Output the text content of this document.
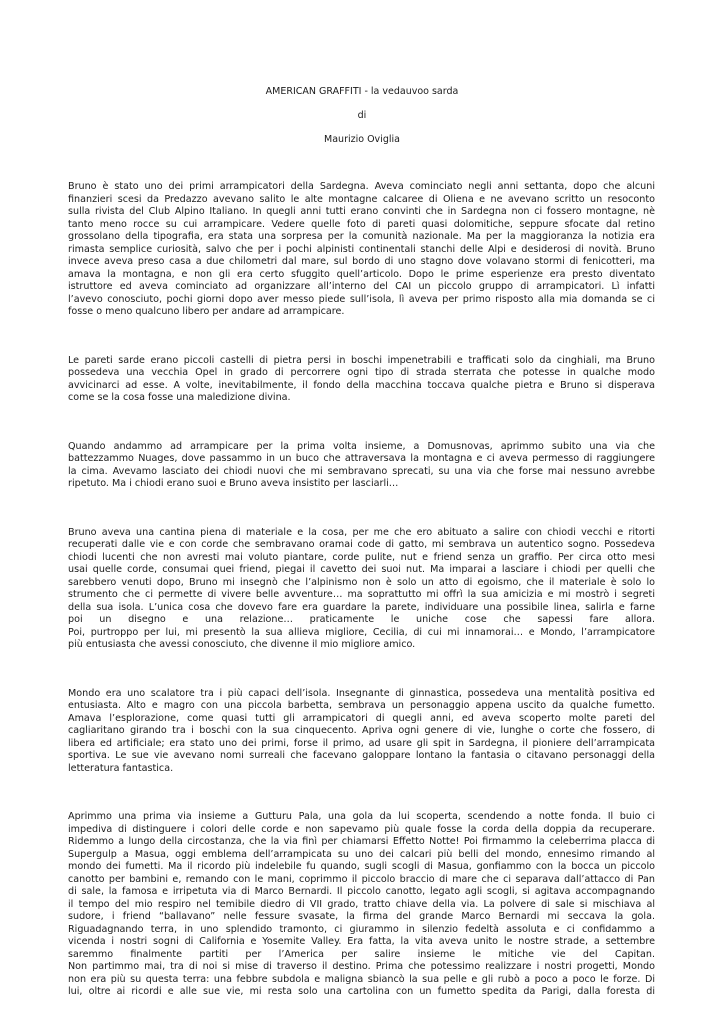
AMERICAN GRAFFITI - la vedauvoo sarda
di
Maurizio Oviglia
Bruno è stato uno dei primi arrampicatori della Sardegna. Aveva cominciato negli anni settanta, dopo che alcuni
finanzieri scesi da Predazzo avevano salito le alte montagne calcaree di Oliena e ne avevano scritto un resoconto
sulla rivista del Club Alpino Italiano. In quegli anni tutti erano convinti che in Sardegna non ci fossero montagne, nè
tanto meno rocce su cui arrampicare. Vedere quelle foto di pareti quasi dolomitiche, seppure sfocate dal retino
grossolano della tipografia, era stata una sorpresa per la comunità nazionale. Ma per la maggioranza la notizia era
rimasta semplice curiosità, salvo che per i pochi alpinisti continentali stanchi delle Alpi e desiderosi di novità. Bruno
invece aveva preso casa a due chilometri dal mare, sul bordo di uno stagno dove volavano stormi di fenicotteri, ma
amava la montagna, e non gli era certo sfuggito quell’articolo. Dopo le prime esperienze era presto diventato
istruttore ed aveva cominciato ad organizzare all’interno del CAI un piccolo gruppo di arrampicatori. Lì infatti
l’avevo conosciuto, pochi giorni dopo aver messo piede sull’isola, lì aveva per primo risposto alla mia domanda se ci
fosse o meno qualcuno libero per andare ad arrampicare.
Le pareti sarde erano piccoli castelli di pietra persi in boschi impenetrabili e trafficati solo da cinghiali, ma Bruno
possedeva una vecchia Opel in grado di percorrere ogni tipo di strada sterrata che potesse in qualche modo
avvicinarci ad esse. A volte, inevitabilmente, il fondo della macchina toccava qualche pietra e Bruno si disperava
come se la cosa fosse una maledizione divina.
Quando andammo ad arrampicare per la prima volta insieme, a Domusnovas, aprimmo subito una via che
battezzammo Nuages, dove passammo in un buco che attraversava la montagna e ci aveva permesso di raggiungere
la cima. Avevamo lasciato dei chiodi nuovi che mi sembravano sprecati, su una via che forse mai nessuno avrebbe
ripetuto. Ma i chiodi erano suoi e Bruno aveva insistito per lasciarli…
Bruno aveva una cantina piena di materiale e la cosa, per me che ero abituato a salire con chiodi vecchi e ritorti
recuperati dalle vie e con corde che sembravano oramai code di gatto, mi sembrava un autentico sogno. Possedeva
chiodi lucenti che non avresti mai voluto piantare, corde pulite, nut e friend senza un graffio. Per circa otto mesi
usai quelle corde, consumai quei friend, piegai il cavetto dei suoi nut. Ma imparai a lasciare i chiodi per quelli che
sarebbero venuti dopo, Bruno mi insegnò che l’alpinismo non è solo un atto di egoismo, che il materiale è solo lo
strumento che ci permette di vivere belle avventure… ma soprattutto mi offrì la sua amicizia e mi mostrò i segreti
della sua isola. L’unica cosa che dovevo fare era guardare la parete, individuare una possibile linea, salirla e farne
poi un disegno e una relazione… praticamente le uniche cose che sapessi fare allora.
Poi, purtroppo per lui, mi presentò la sua allieva migliore, Cecilia, di cui mi innamorai… e Mondo, l’arrampicatore
più entusiasta che avessi conosciuto, che divenne il mio migliore amico.
Mondo era uno scalatore tra i più capaci dell’isola. Insegnante di ginnastica, possedeva una mentalità positiva ed
entusiasta. Alto e magro con una piccola barbetta, sembrava un personaggio appena uscito da qualche fumetto.
Amava l’esplorazione, come quasi tutti gli arrampicatori di quegli anni, ed aveva scoperto molte pareti del
cagliaritano girando tra i boschi con la sua cinquecento. Apriva ogni genere di vie, lunghe o corte che fossero, di
libera ed artificiale; era stato uno dei primi, forse il primo, ad usare gli spit in Sardegna, il pioniere dell’arrampicata
sportiva. Le sue vie avevano nomi surreali che facevano galoppare lontano la fantasia o citavano personaggi della
letteratura fantastica.
Aprimmo una prima via insieme a Gutturu Pala, una gola da lui scoperta, scendendo a notte fonda. Il buio ci
impediva di distinguere i colori delle corde e non sapevamo più quale fosse la corda della doppia da recuperare.
Ridemmo a lungo della circostanza, che la via finì per chiamarsi Effetto Notte! Poi firmammo la celeberrima placca di
Supergulp a Masua, oggi emblema dell’arrampicata su uno dei calcari più belli del mondo, ennesimo rimando al
mondo dei fumetti. Ma il ricordo più indelebile fu quando, sugli scogli di Masua, gonfiammo con la bocca un piccolo
canotto per bambini e, remando con le mani, coprimmo il piccolo braccio di mare che ci separava dall’attacco di Pan
di sale, la famosa e irripetuta via di Marco Bernardi. Il piccolo canotto, legato agli scogli, si agitava accompagnando
il tempo del mio respiro nel temibile diedro di VII grado, tratto chiave della via. La polvere di sale si mischiava al
sudore, i friend “ballavano” nelle fessure svasate, la firma del grande Marco Bernardi mi seccava la gola.
Riguadagnando terra, in uno splendido tramonto, ci giurammo in silenzio fedeltà assoluta e ci confidammo a
vicenda i nostri sogni di California e Yosemite Valley. Era fatta, la vita aveva unito le nostre strade, a settembre
saremmo finalmente partiti per l’America per salire insieme le mitiche vie del Capitan.
Non partimmo mai, tra di noi si mise di traverso il destino. Prima che potessimo realizzare i nostri progetti, Mondo
non era più su questa terra: una febbre subdola e maligna sbiancò la sua pelle e gli rubò a poco a poco le forze. Di
lui, oltre ai ricordi e alle sue vie, mi resta solo una cartolina con un fumetto spedita da Parigi, dalla foresta di
